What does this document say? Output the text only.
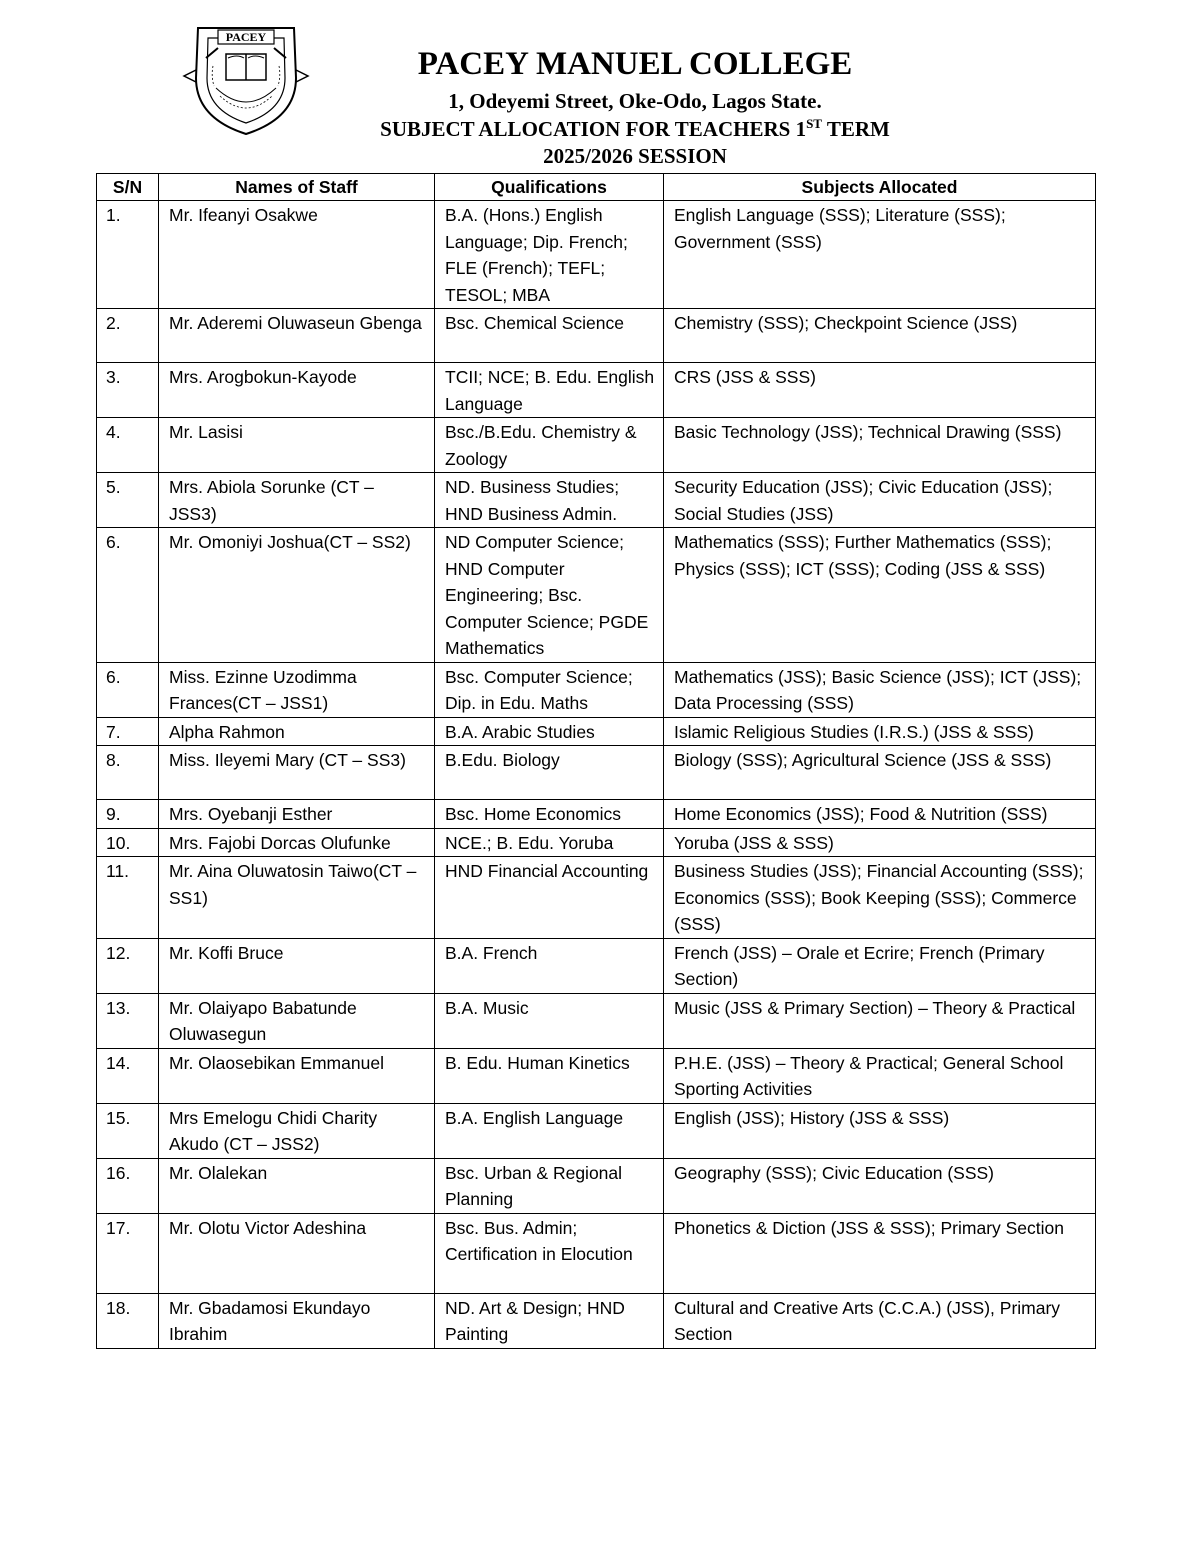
PACEY
PACEY MANUEL COLLEGE
1, Odeyemi Street, Oke-Odo, Lagos State.
SUBJECT ALLOCATION FOR TEACHERS 1ST TERM
2025/2026 SESSION
S/N	Names of Staff	Qualifications	Subjects Allocated
1.	Mr. Ifeanyi Osakwe	B.A. (Hons.) English Language; Dip. French; FLE (French); TEFL; TESOL; MBA	English Language (SSS); Literature (SSS); Government (SSS)
2.	Mr. Aderemi Oluwaseun Gbenga	Bsc. Chemical Science	Chemistry (SSS); Checkpoint Science (JSS)
3.	Mrs. Arogbokun-Kayode	TCII; NCE; B. Edu. English Language	CRS (JSS & SSS)
4.	Mr. Lasisi	Bsc./B.Edu. Chemistry & Zoology	Basic Technology (JSS); Technical Drawing (SSS)
5.	Mrs. Abiola Sorunke (CT – JSS3)	ND. Business Studies; HND Business Admin.	Security Education (JSS); Civic Education (JSS); Social Studies (JSS)
6.	Mr. Omoniyi Joshua(CT – SS2)	ND Computer Science; HND Computer Engineering; Bsc. Computer Science; PGDE Mathematics	Mathematics (SSS); Further Mathematics (SSS); Physics (SSS); ICT (SSS); Coding (JSS & SSS)
6.	Miss. Ezinne Uzodimma Frances(CT – JSS1)	Bsc. Computer Science; Dip. in Edu. Maths	Mathematics (JSS); Basic Science (JSS); ICT (JSS); Data Processing (SSS)
7.	Alpha Rahmon	B.A. Arabic Studies	Islamic Religious Studies (I.R.S.) (JSS & SSS)
8.	Miss. Ileyemi Mary (CT – SS3)	B.Edu. Biology	Biology (SSS); Agricultural Science (JSS & SSS)
9.	Mrs. Oyebanji Esther	Bsc. Home Economics	Home Economics (JSS); Food & Nutrition (SSS)
10.	Mrs. Fajobi Dorcas Olufunke	NCE.; B. Edu. Yoruba	Yoruba (JSS & SSS)
11.	Mr. Aina Oluwatosin Taiwo(CT – SS1)	HND Financial Accounting	Business Studies (JSS); Financial Accounting (SSS); Economics (SSS); Book Keeping (SSS); Commerce (SSS)
12.	Mr. Koffi Bruce	B.A. French	French (JSS) – Orale et Ecrire; French (Primary Section)
13.	Mr. Olaiyapo Babatunde Oluwasegun	B.A. Music	Music (JSS & Primary Section) – Theory & Practical
14.	Mr. Olaosebikan Emmanuel	B. Edu. Human Kinetics	P.H.E. (JSS) – Theory & Practical; General School Sporting Activities
15.	Mrs Emelogu Chidi Charity Akudo (CT – JSS2)	B.A. English Language	English (JSS); History (JSS & SSS)
16.	Mr. Olalekan	Bsc. Urban & Regional Planning	Geography (SSS); Civic Education (SSS)
17.	Mr. Olotu Victor Adeshina	Bsc. Bus. Admin; Certification in Elocution	Phonetics & Diction (JSS & SSS); Primary Section
18.	Mr. Gbadamosi Ekundayo Ibrahim	ND. Art & Design; HND Painting	Cultural and Creative Arts (C.C.A.) (JSS), Primary Section
